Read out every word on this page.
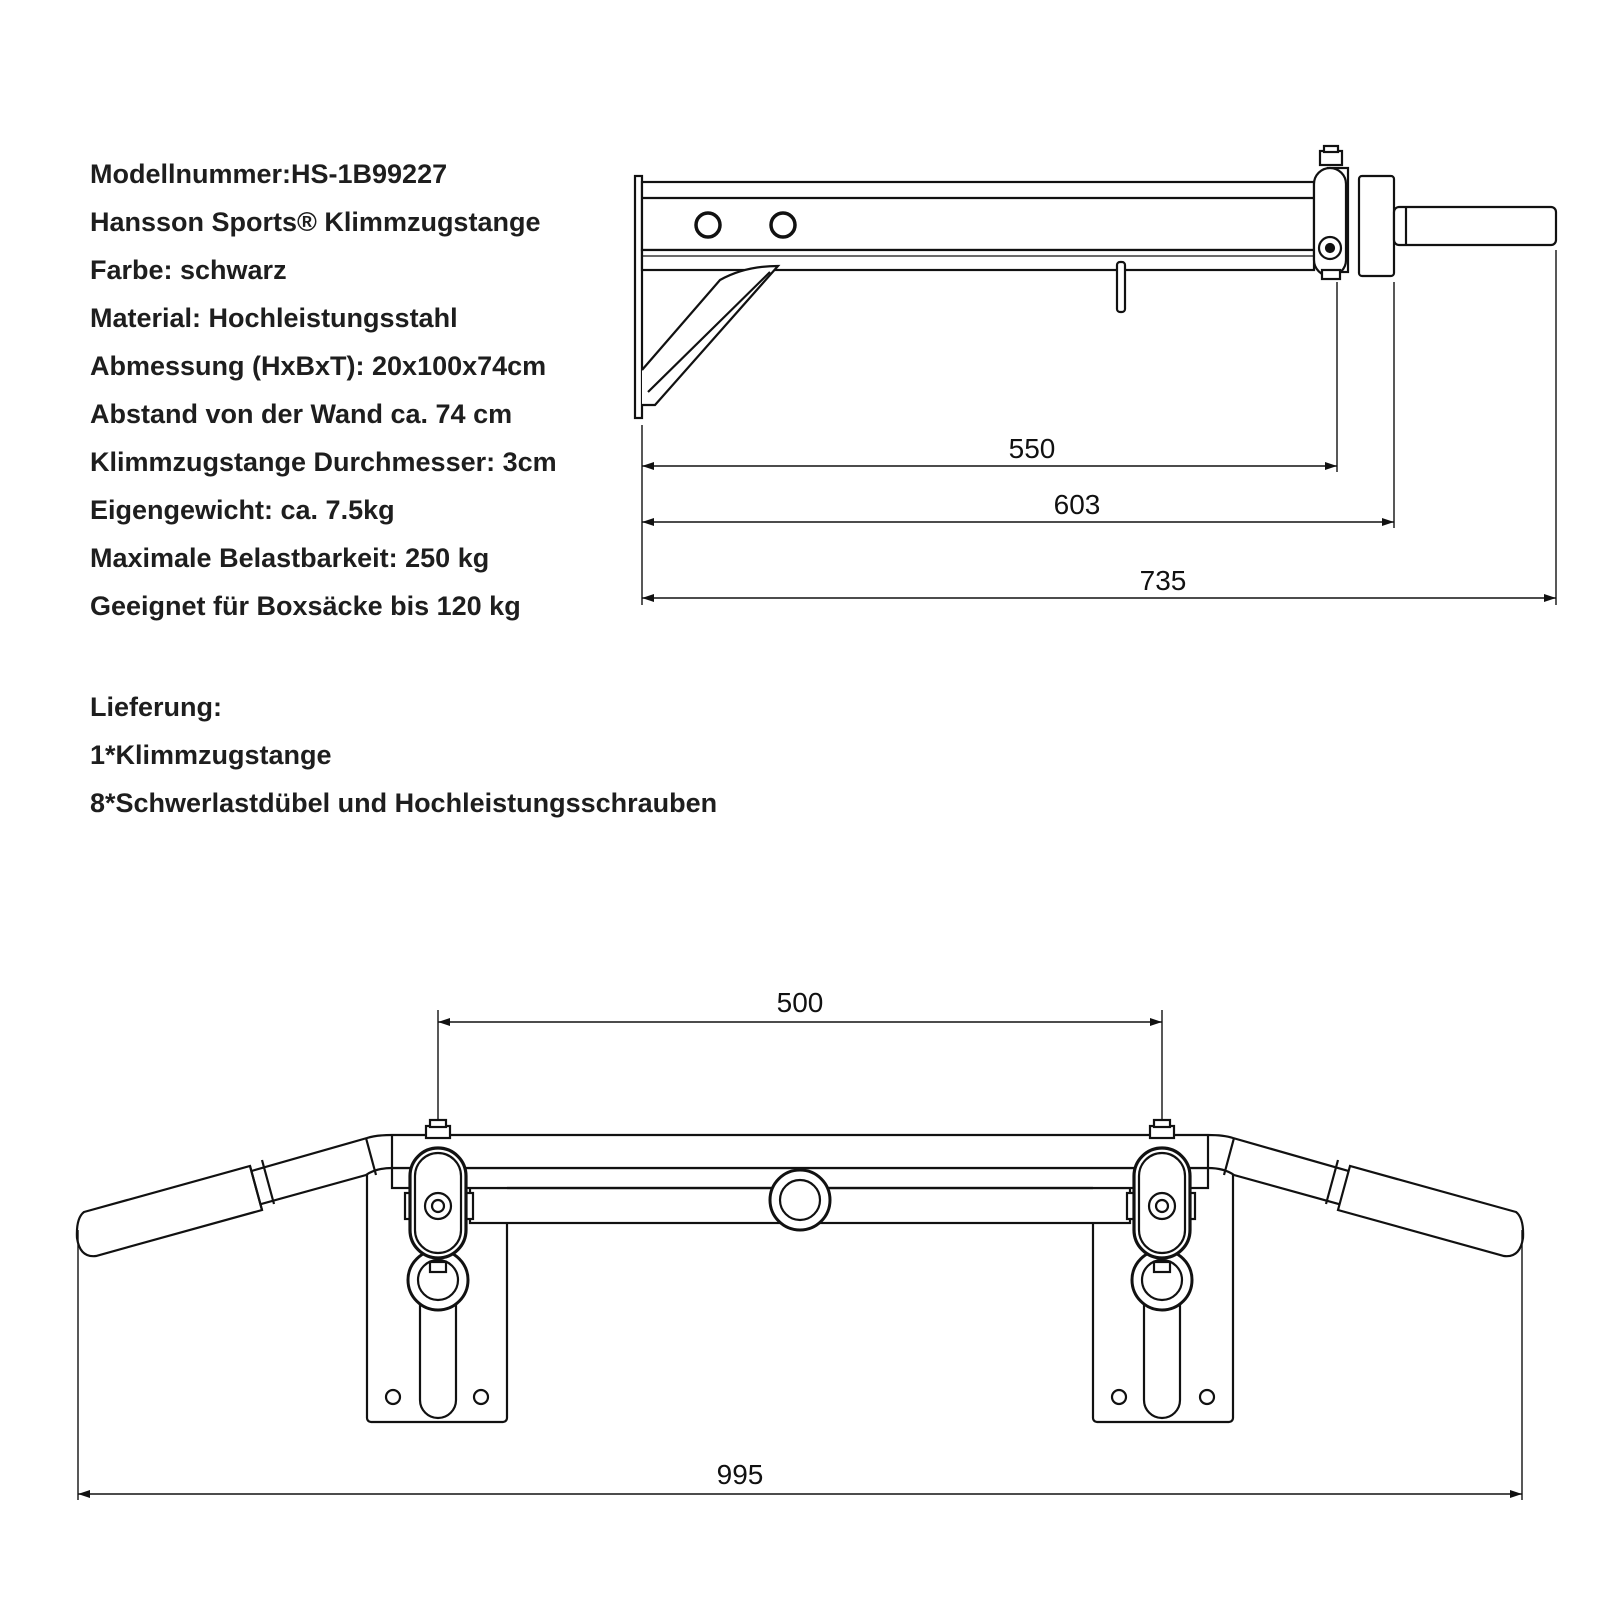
Modellnummer:HS-1B99227
Hansson Sports® Klimmzugstange
Farbe: schwarz
Material: Hochleistungsstahl
Abmessung (HxBxT): 20x100x74cm
Abstand von der Wand ca. 74 cm
Klimmzugstange Durchmesser: 3cm
Eigengewicht: ca. 7.5kg
Maximale Belastbarkeit: 250 kg
Geeignet für Boxsäcke bis 120 kg
Lieferung:
1*Klimmzugstange
8*Schwerlastdübel und Hochleistungsschrauben
550
603
735
500
995
